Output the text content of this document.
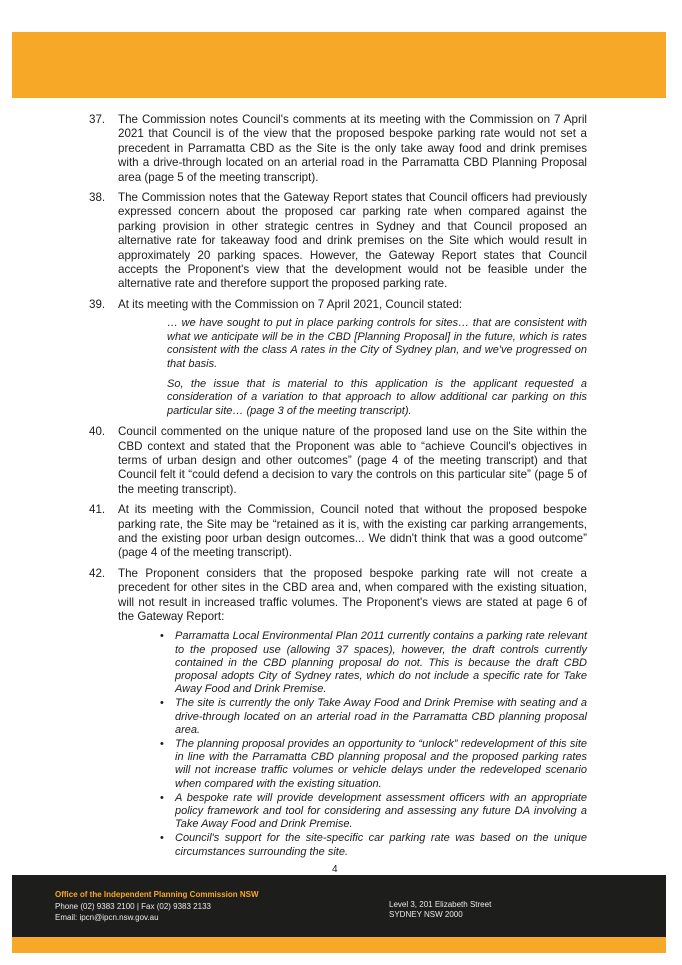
37. The Commission notes Council's comments at its meeting with the Commission on 7 April 2021 that Council is of the view that the proposed bespoke parking rate would not set a precedent in Parramatta CBD as the Site is the only take away food and drink premises with a drive-through located on an arterial road in the Parramatta CBD Planning Proposal area (page 5 of the meeting transcript).
38. The Commission notes that the Gateway Report states that Council officers had previously expressed concern about the proposed car parking rate when compared against the parking provision in other strategic centres in Sydney and that Council proposed an alternative rate for takeaway food and drink premises on the Site which would result in approximately 20 parking spaces. However, the Gateway Report states that Council accepts the Proponent's view that the development would not be feasible under the alternative rate and therefore support the proposed parking rate.
39. At its meeting with the Commission on 7 April 2021, Council stated:
… we have sought to put in place parking controls for sites… that are consistent with what we anticipate will be in the CBD [Planning Proposal] in the future, which is rates consistent with the class A rates in the City of Sydney plan, and we've progressed on that basis.
So, the issue that is material to this application is the applicant requested a consideration of a variation to that approach to allow additional car parking on this particular site… (page 3 of the meeting transcript).
40. Council commented on the unique nature of the proposed land use on the Site within the CBD context and stated that the Proponent was able to “achieve Council's objectives in terms of urban design and other outcomes” (page 4 of the meeting transcript) and that Council felt it “could defend a decision to vary the controls on this particular site” (page 5 of the meeting transcript).
41. At its meeting with the Commission, Council noted that without the proposed bespoke parking rate, the Site may be “retained as it is, with the existing car parking arrangements, and the existing poor urban design outcomes... We didn't think that was a good outcome” (page 4 of the meeting transcript).
42. The Proponent considers that the proposed bespoke parking rate will not create a precedent for other sites in the CBD area and, when compared with the existing situation, will not result in increased traffic volumes. The Proponent's views are stated at page 6 of the Gateway Report:
• Parramatta Local Environmental Plan 2011 currently contains a parking rate relevant to the proposed use (allowing 37 spaces), however, the draft controls currently contained in the CBD planning proposal do not. This is because the draft CBD proposal adopts City of Sydney rates, which do not include a specific rate for Take Away Food and Drink Premise.
• The site is currently the only Take Away Food and Drink Premise with seating and a drive-through located on an arterial road in the Parramatta CBD planning proposal area.
• The planning proposal provides an opportunity to “unlock” redevelopment of this site in line with the Parramatta CBD planning proposal and the proposed parking rates will not increase traffic volumes or vehicle delays under the redeveloped scenario when compared with the existing situation.
• A bespoke rate will provide development assessment officers with an appropriate policy framework and tool for considering and assessing any future DA involving a Take Away Food and Drink Premise.
• Council's support for the site-specific car parking rate was based on the unique circumstances surrounding the site.
4
Office of the Independent Planning Commission NSW
Phone (02) 9383 2100 | Fax (02) 9383 2133
Email: ipcn@ipcn.nsw.gov.au
Level 3, 201 Elizabeth Street
SYDNEY NSW 2000
